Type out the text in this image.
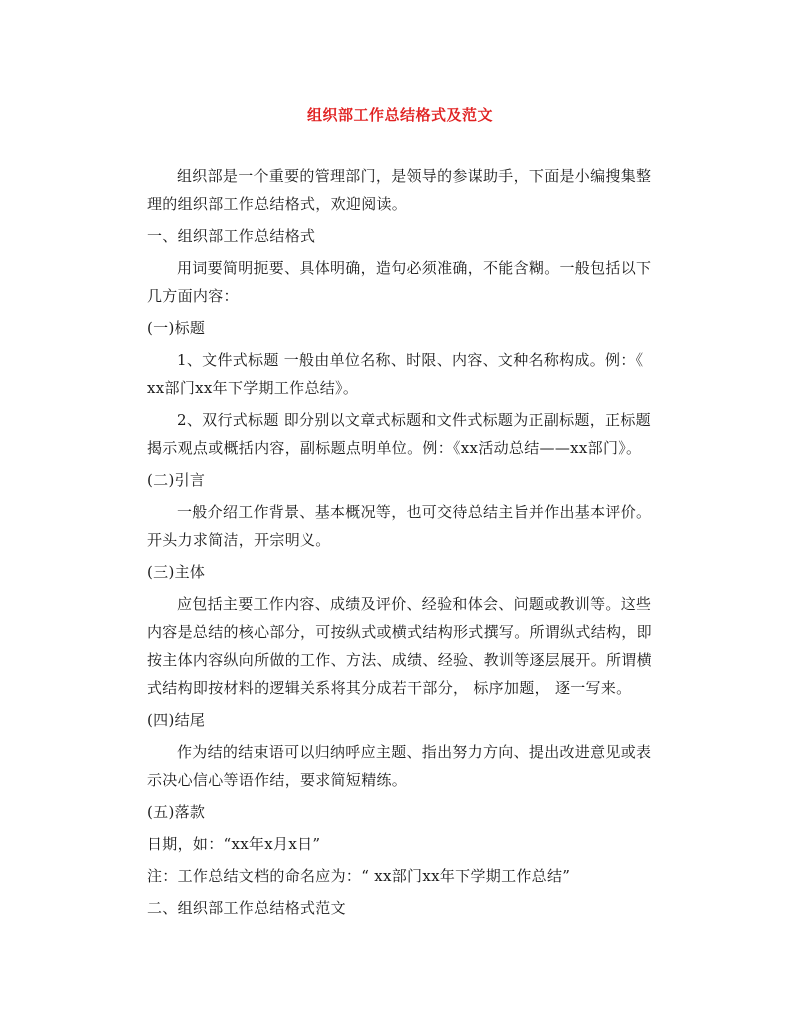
组织部工作总结格式及范文

组织部是一个重要的管理部门，是领导的参谋助手，下面是小编搜集整理的组织部工作总结格式，欢迎阅读。

一、组织部工作总结格式

用词要简明扼要、具体明确，造句必须准确，不能含糊。一般包括以下几方面内容：

(一)标题

1、文件式标题 一般由单位名称、时限、内容、文种名称构成。例：《 xx部门xx年下学期工作总结》。

2、双行式标题 即分别以文章式标题和文件式标题为正副标题，正标题揭示观点或概括内容，副标题点明单位。例：《xx活动总结——xx部门》。

(二)引言

一般介绍工作背景、基本概况等，也可交待总结主旨并作出基本评价。开头力求简洁，开宗明义。

(三)主体

应包括主要工作内容、成绩及评价、经验和体会、问题或教训等。这些内容是总结的核心部分，可按纵式或横式结构形式撰写。所谓纵式结构，即按主体内容纵向所做的工作、方法、成绩、经验、教训等逐层展开。所谓横式结构即按材料的逻辑关系将其分成若干部分， 标序加题， 逐一写来。

(四)结尾

作为结的结束语可以归纳呼应主题、指出努力方向、提出改进意见或表示决心信心等语作结，要求简短精练。

(五)落款

日期，如：“xx年x月x日”

注：工作总结文档的命名应为：“ xx部门xx年下学期工作总结”

二、组织部工作总结格式范文
